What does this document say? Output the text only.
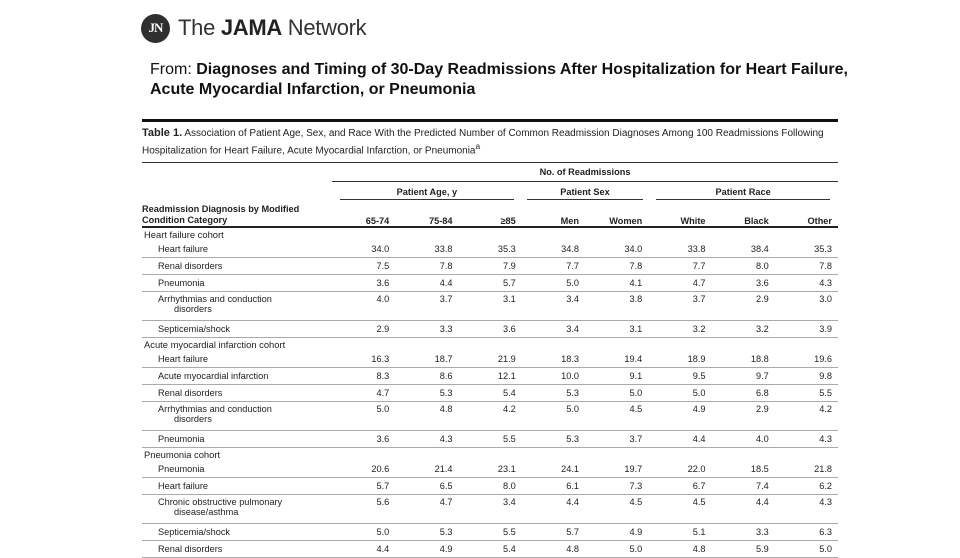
JN The JAMA Network
From: Diagnoses and Timing of 30-Day Readmissions After Hospitalization for Heart Failure, Acute Myocardial Infarction, or Pneumonia
Table 1. Association of Patient Age, Sex, and Race With the Predicted Number of Common Readmission Diagnoses Among 100 Readmissions Following Hospitalization for Heart Failure, Acute Myocardial Infarction, or Pneumonia$^a$
	No. of Readmissions							
	Patient Age, y			Patient Sex		Patient Race		
Readmission Diagnosis by Modified Condition Category	65-74	75-84	≥85	Men	Women	White	Black	Other
Heart failure cohort								
Heart failure	34.0	33.8	35.3	34.8	34.0	33.8	38.4	35.3
Renal disorders	7.5	7.8	7.9	7.7	7.8	7.7	8.0	7.8
Pneumonia	3.6	4.4	5.7	5.0	4.1	4.7	3.6	4.3
Arrhythmias and conduction
disorders	4.0	3.7	3.1	3.4	3.8	3.7	2.9	3.0
Septicemia/shock	2.9	3.3	3.6	3.4	3.1	3.2	3.2	3.9
Acute myocardial infarction cohort								
Heart failure	16.3	18.7	21.9	18.3	19.4	18.9	18.8	19.6
Acute myocardial infarction	8.3	8.6	12.1	10.0	9.1	9.5	9.7	9.8
Renal disorders	4.7	5.3	5.4	5.3	5.0	5.0	6.8	5.5
Arrhythmias and conduction
disorders	5.0	4.8	4.2	5.0	4.5	4.9	2.9	4.2
Pneumonia	3.6	4.3	5.5	5.3	3.7	4.4	4.0	4.3
Pneumonia cohort								
Pneumonia	20.6	21.4	23.1	24.1	19.7	22.0	18.5	21.8
Heart failure	5.7	6.5	8.0	6.1	7.3	6.7	7.4	6.2
Chronic obstructive pulmonary
disease/asthma	5.6	4.7	3.4	4.4	4.5	4.5	4.4	4.3
Septicemia/shock	5.0	5.3	5.5	5.7	4.9	5.1	3.3	6.3
Renal disorders	4.4	4.9	5.4	4.8	5.0	4.8	5.9	5.0
